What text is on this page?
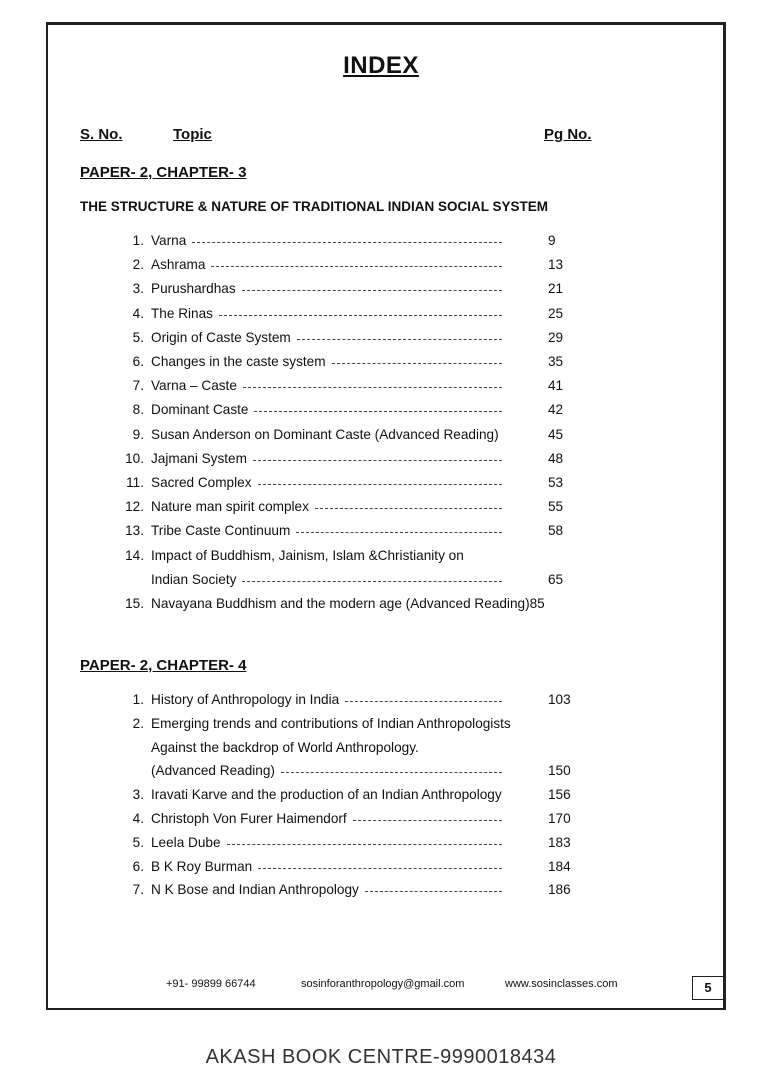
INDEX
S. No.	Topic	Pg No.
PAPER- 2, CHAPTER- 3
THE STRUCTURE & NATURE OF TRADITIONAL INDIAN SOCIAL SYSTEM
1. Varna	9
2. Ashrama	13
3. Purushardhas	21
4. The Rinas	25
5. Origin of Caste System	29
6. Changes in the caste system	35
7. Varna – Caste	41
8. Dominant Caste	42
9. Susan Anderson on Dominant Caste (Advanced Reading)	45
10. Jajmani System	48
11. Sacred Complex	53
12. Nature man spirit complex	55
13. Tribe Caste Continuum	58
14. Impact of Buddhism, Jainism, Islam &Christianity on
Indian Society	65
15. Navayana Buddhism and the modern age (Advanced Reading)85
PAPER- 2, CHAPTER- 4
1. History of Anthropology in India	103
2. Emerging trends and contributions of Indian Anthropologists
Against the backdrop of World Anthropology.
(Advanced Reading)	150
3. Iravati Karve and the production of an Indian Anthropology	156
4. Christoph Von Furer Haimendorf	170
5. Leela Dube	183
6. B K Roy Burman	184
7. N K Bose and Indian Anthropology	186
+91- 99899 66744	sosinforanthropology@gmail.com	www.sosinclasses.com	5
AKASH BOOK CENTRE-9990018434
